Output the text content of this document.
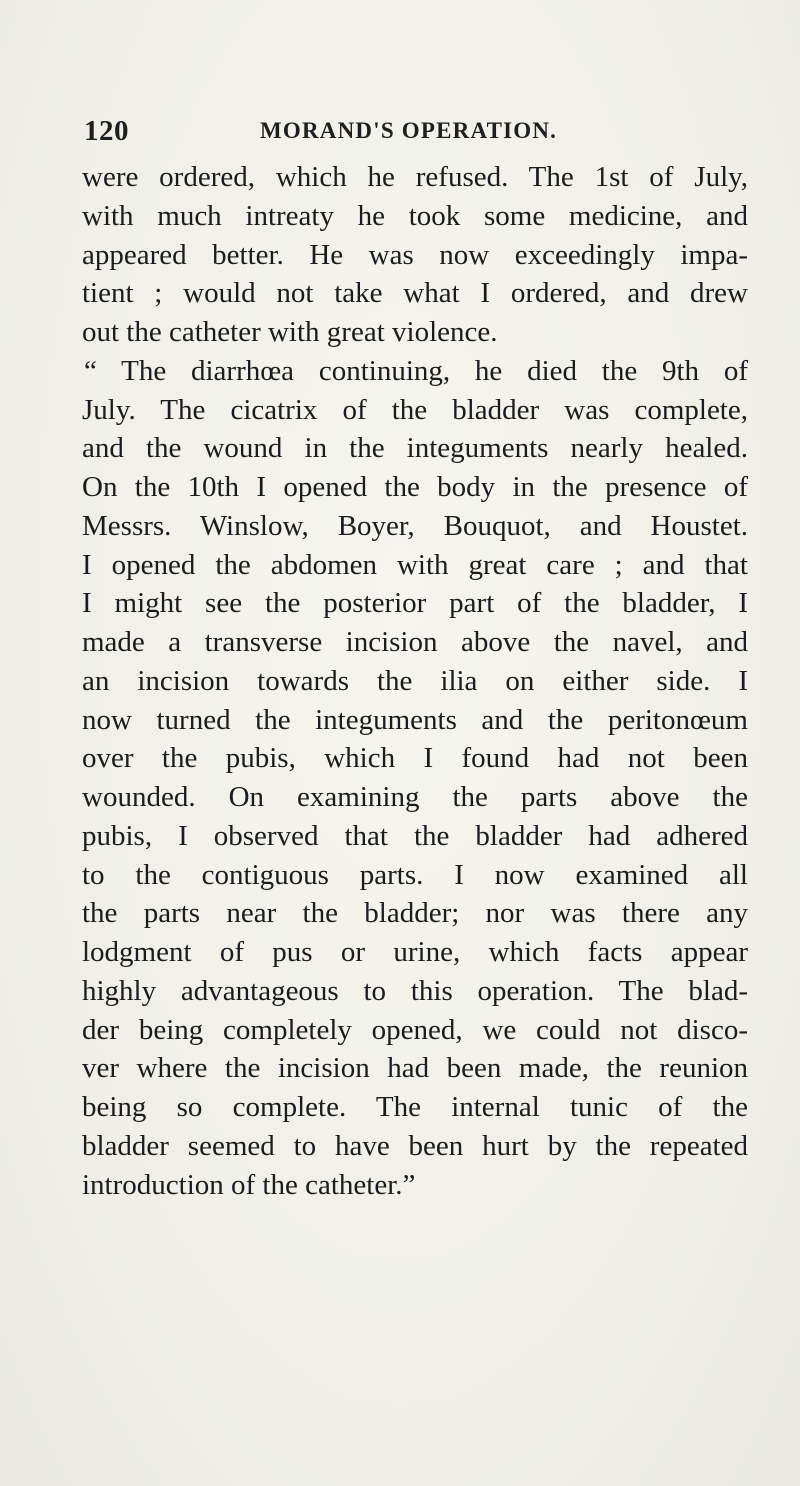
120	MORAND'S OPERATION.
were ordered, which he refused. The 1st of July,
with much intreaty he took some medicine, and
appeared better. He was now exceedingly impa-
tient ; would not take what I ordered, and drew
out the catheter with great violence.
“ The diarrhœa continuing, he died the 9th of
July. The cicatrix of the bladder was complete,
and the wound in the integuments nearly healed.
On the 10th I opened the body in the presence of
Messrs. Winslow, Boyer, Bouquot, and Houstet.
I opened the abdomen with great care ; and that
I might see the posterior part of the bladder, I
made a transverse incision above the navel, and
an incision towards the ilia on either side. I
now turned the integuments and the peritonœum
over the pubis, which I found had not been
wounded. On examining the parts above the
pubis, I observed that the bladder had adhered
to the contiguous parts. I now examined all
the parts near the bladder; nor was there any
lodgment of pus or urine, which facts appear
highly advantageous to this operation. The blad-
der being completely opened, we could not disco-
ver where the incision had been made, the reunion
being so complete. The internal tunic of the
bladder seemed to have been hurt by the repeated
introduction of the catheter.”
